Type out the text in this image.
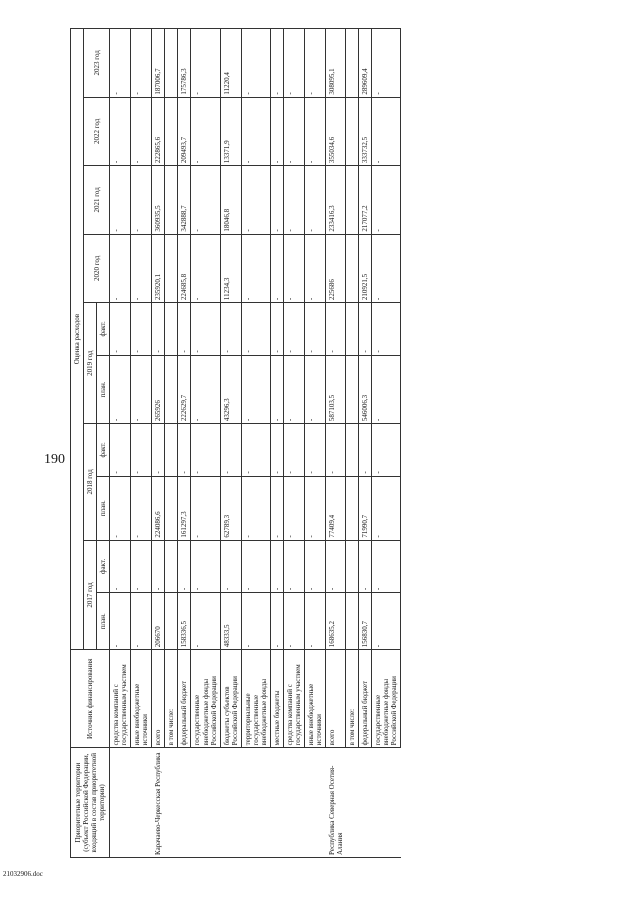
190
21032906.doc
Приоритетные территории (субъект Российской Федерации, входящий в состав приоритетной территории)	Источник финансирования	Оценка расходов									
		2017 год		2018 год		2019 год		2020 год	2021 год	2022 год	2023 год
		план.	факт.	план.	факт.	план.	факт.				
	средства компаний с государственным участием	-	-	-	-	-	-	-	-	-	-
	иные внебюджетные источники	-	-	-	-	-	-	-	-	-	-
Карачаево-Черкесская Республика	всего	206670	-	224086,6	-	265926	-	235920,1	360935,5	222865,6	187006,7
	в том числе:										
	федеральный бюджет	158336,5	-	161297,3	-	222629,7	-	224685,8	342888,7	209493,7	175786,3
	государственные внебюджетные фонды Российской Федерации	-	-	-	-	-	-	-	-	-	-
	бюджеты субъектов Российской Федерации	48333,5	-	62789,3	-	43296,3	-	11234,3	18046,8	13371,9	11220,4
	территориальные государственные внебюджетные фонды	-	-	-	-	-	-	-	-	-	-
	местные бюджеты	-	-	-	-	-	-	-	-	-	-
	средства компаний с государственным участием	-	-	-	-	-	-	-	-	-	-
	иные внебюджетные источники	-	-	-	-	-	-	-	-	-	-
Республика Северная Осетия-Алания	всего	168635,2	-	77409,4	-	587103,5	-	225686	233416,3	355034,6	308095,1
	в том числе:										
	федеральный бюджет	156830,7	-	71990,7	-	546006,3	-	210921,5	217077,2	333732,5	289609,4
	государственные внебюджетные фонды Российской Федерации	-	-	-	-	-	-	-	-	-	-
